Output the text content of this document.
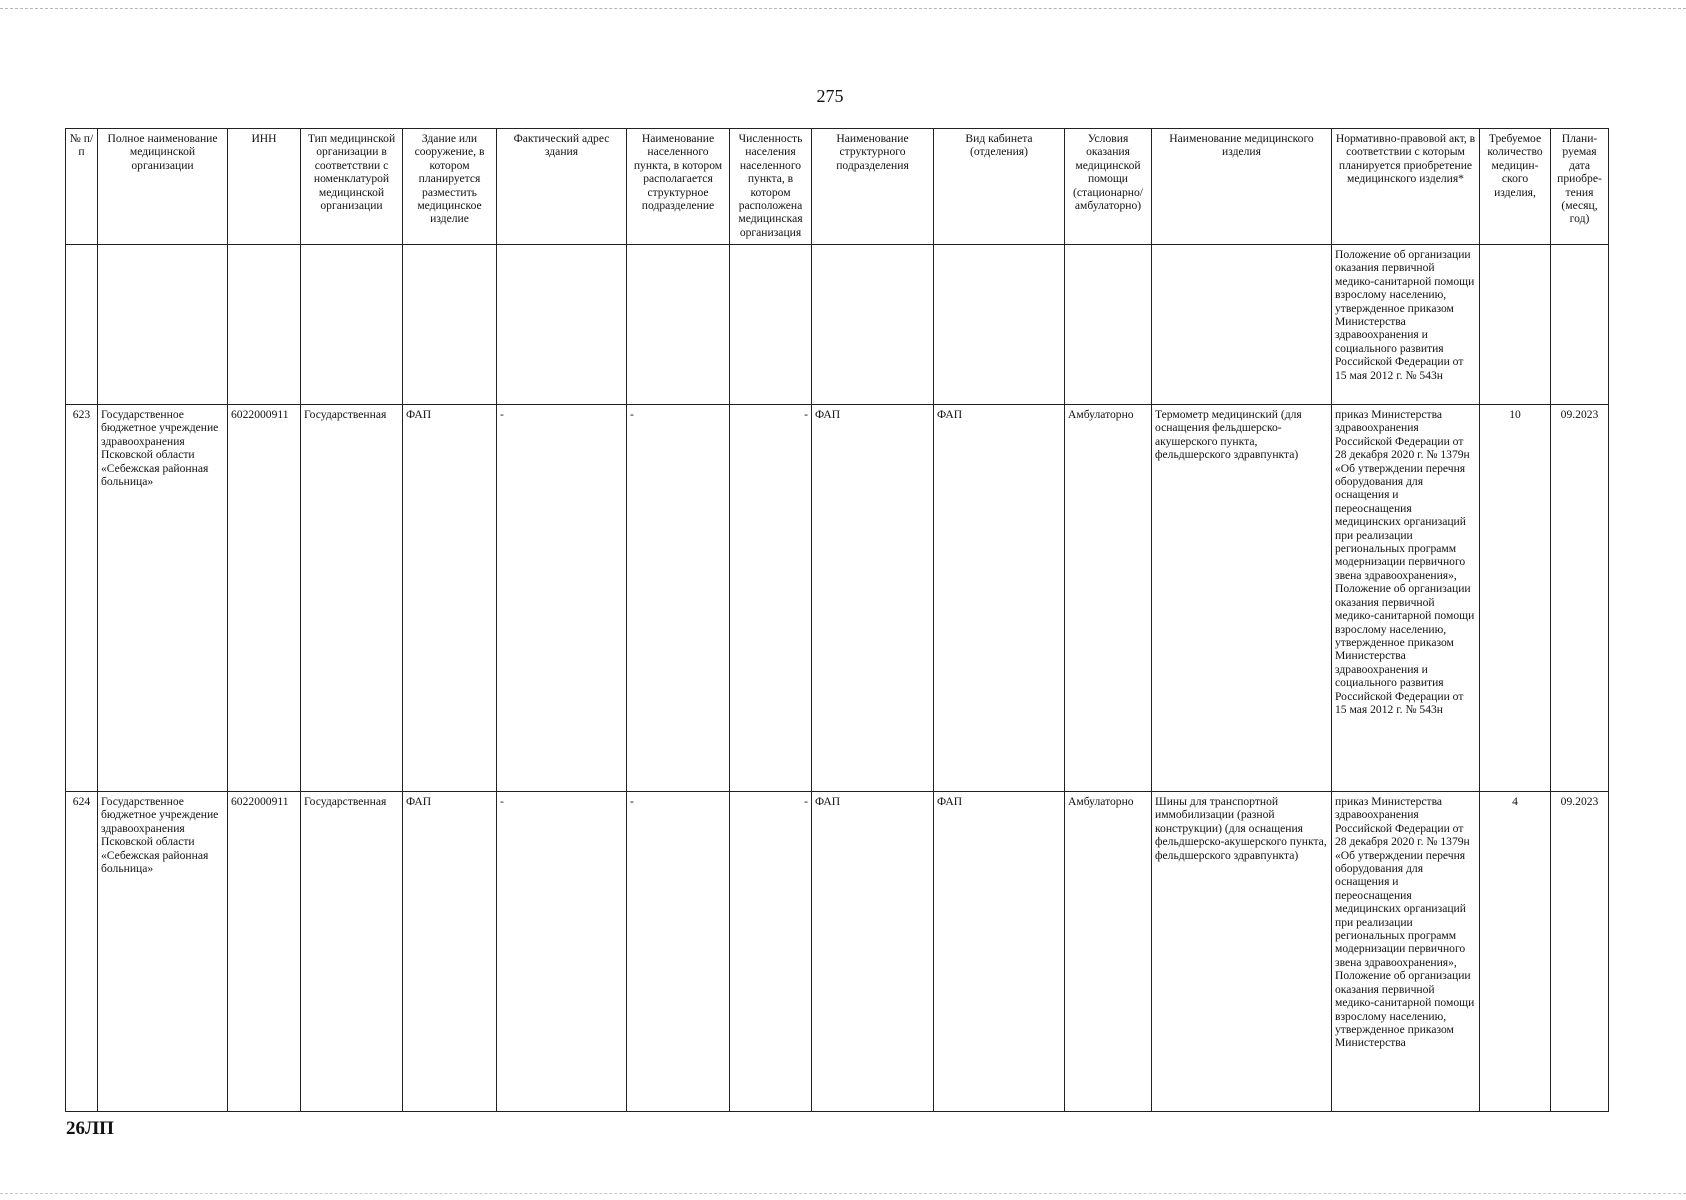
275
№ п/п	Полное наименование медицинской организации	ИНН	Тип медицинской организации в соответствии с номенклатурой медицинской организации	Здание или сооружение, в котором планируется разместить медицинское изделие	Фактический адрес здания	Наименование населенного пункта, в котором располагается структурное подразделение	Численность населения населенного пункта, в котором расположена медицинская организация	Наименование структурного подразделения	Вид кабинета (отделения)	Условия оказания медицинской помощи (стационарно/ амбулаторно)	Наименование медицинского изделия	Нормативно-правовой акт, в соответствии с которым планируется приобретение медицинского изделия*	Требуемое количество медицин-ского изделия,	Плани-руемая дата приобре-тения (месяц, год)
												Положение об организации оказания первичной медико-санитарной помощи взрослому населению, утвержденное приказом Министерства здравоохранения и социального развития Российской Федерации от 15 мая 2012 г. № 543н		
623	Государственное бюджетное учреждение здравоохранения Псковской области «Себежская районная больница»	6022000911	Государственная	ФАП	-	-	-	ФАП	ФАП	Амбулаторно	Термометр медицинский (для оснащения фельдшерско-акушерского пункта, фельдшерского здравпункта)	приказ Министерства здравоохранения Российской Федерации от 28 декабря 2020 г. № 1379н «Об утверждении перечня оборудования для оснащения и переоснащения медицинских организаций при реализации региональных программ модернизации первичного звена здравоохранения», Положение об организации оказания первичной медико-санитарной помощи взрослому населению, утвержденное приказом Министерства здравоохранения и социального развития Российской Федерации от 15 мая 2012 г. № 543н	10	09.2023
624	Государственное бюджетное учреждение здравоохранения Псковской области «Себежская районная больница»	6022000911	Государственная	ФАП	-	-	-	ФАП	ФАП	Амбулаторно	Шины для транспортной иммобилизации (разной конструкции) (для оснащения фельдшерско-акушерского пункта, фельдшерского здравпункта)	приказ Министерства здравоохранения Российской Федерации от 28 декабря 2020 г. № 1379н «Об утверждении перечня оборудования для оснащения и переоснащения медицинских организаций при реализации региональных программ модернизации первичного звена здравоохранения», Положение об организации оказания первичной медико-санитарной помощи взрослому населению, утвержденное приказом Министерства	4	09.2023
26ЛП
